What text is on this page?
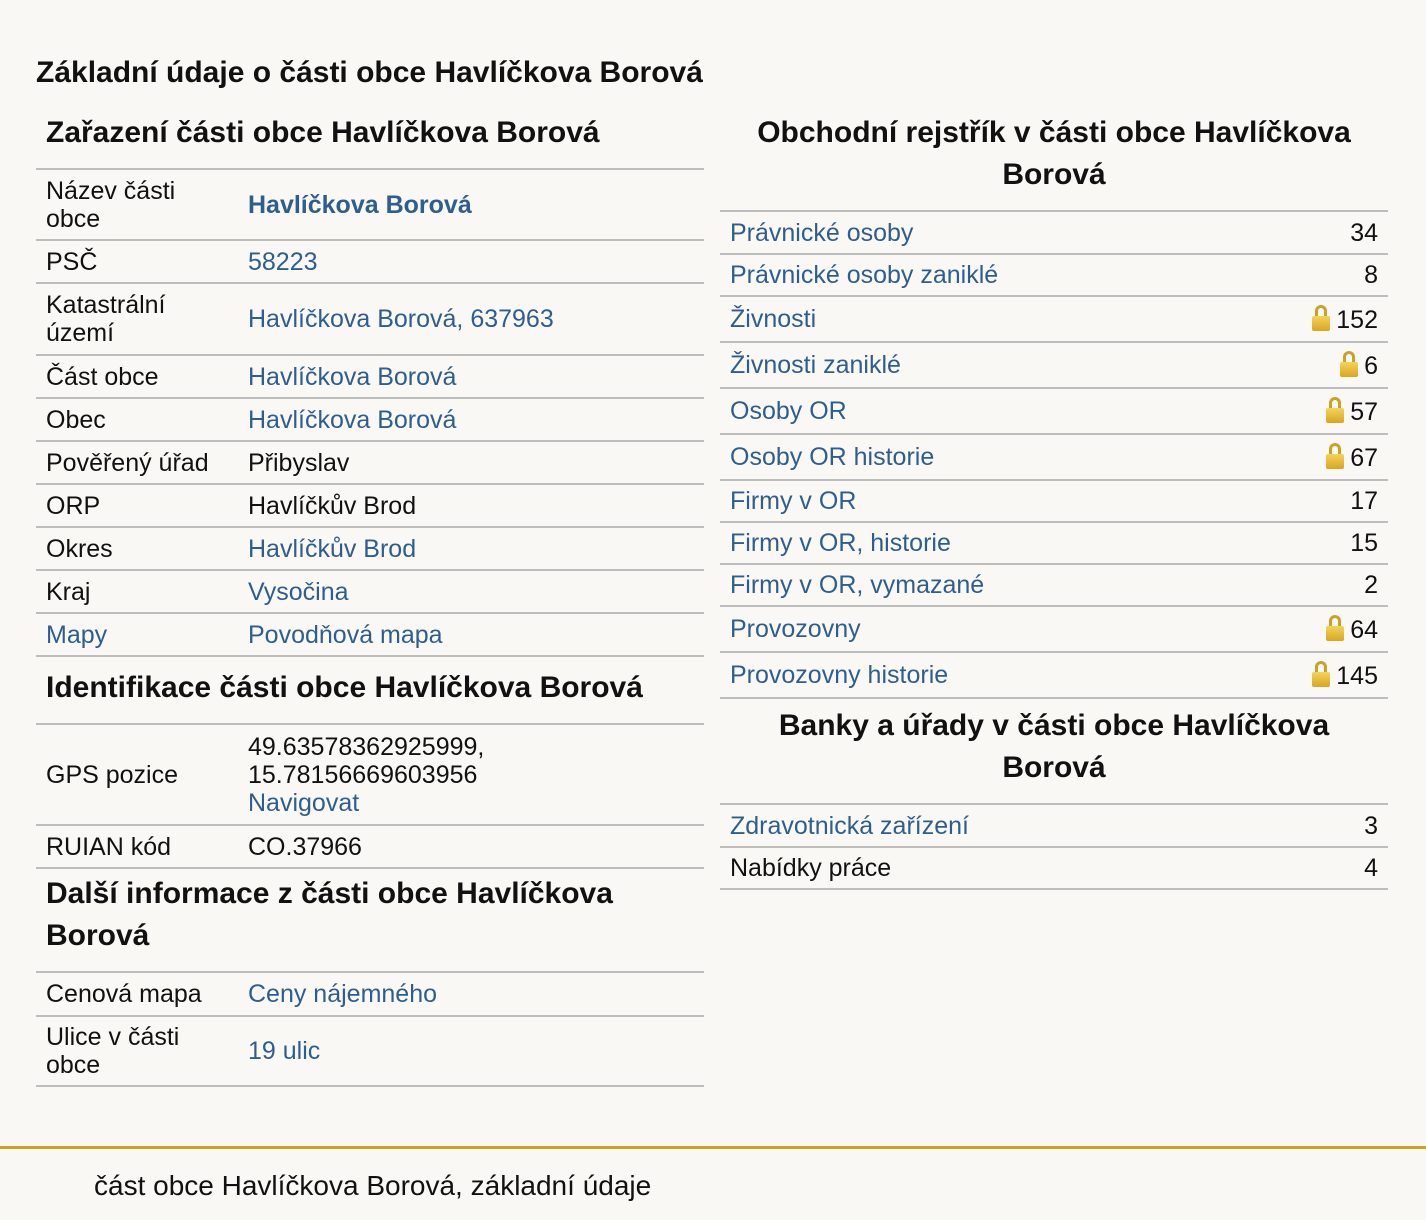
Základní údaje o části obce Havlíčkova Borová
Zařazení části obce Havlíčkova Borová
Název části obce	Havlíčkova Borová
PSČ	58223
Katastrální území	Havlíčkova Borová, 637963
Část obce	Havlíčkova Borová
Obec	Havlíčkova Borová
Pověřený úřad	Přibyslav
ORP	Havlíčkův Brod
Okres	Havlíčkův Brod
Kraj	Vysočina
Mapy	Povodňová mapa
Identifikace části obce Havlíčkova Borová
GPS pozice	49.63578362925999, 15.78156669603956
Navigovat
RUIAN kód	CO.37966
Další informace z části obce Havlíčkova Borová
Cenová mapa	Ceny nájemného
Ulice v části obce	19 ulic
Obchodní rejstřík v části obce Havlíčkova Borová
Právnické osoby	34
Právnické osoby zaniklé	8
Živnosti	152
Živnosti zaniklé	6
Osoby OR	57
Osoby OR historie	67
Firmy v OR	17
Firmy v OR, historie	15
Firmy v OR, vymazané	2
Provozovny	64
Provozovny historie	145
Banky a úřady v části obce Havlíčkova Borová
Zdravotnická zařízení	3
Nabídky práce	4
část obce Havlíčkova Borová, základní údaje
